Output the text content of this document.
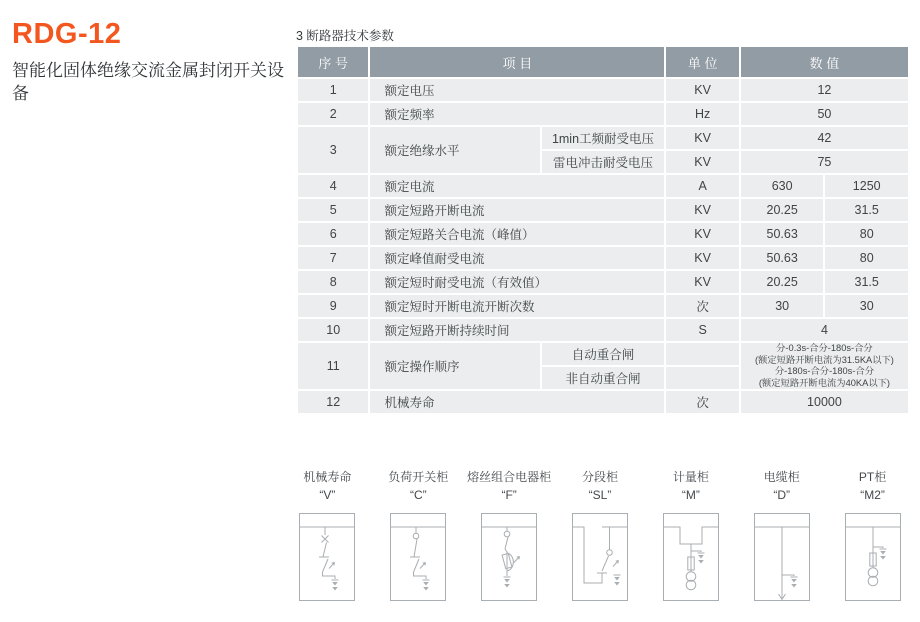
RDG-12
智能化固体绝缘交流金属封闭开关设备
3 断路器技术参数
序 号	项 目		单 位	数 值	
1	额定电压		KV	12	
2	额定频率		Hz	50	
3	额定绝缘水平	1min工频耐受电压	KV	42	
		雷电冲击耐受电压	KV	75	
4	额定电流		A	630	1250
5	额定短路开断电流		KV	20.25	31.5
6	额定短路关合电流（峰值）		KV	50.63	80
7	额定峰值耐受电流		KV	50.63	80
8	额定短时耐受电流（有效值）		KV	20.25	31.5
9	额定短时开断电流开断次数		次	30	30
10	额定短路开断持续时间		S	4	
11	额定操作顺序	自动重合闸		分-0.3s-合分-180s-合分
(额定短路开断电流为31.5KA以下)
分-180s-合分-180s-合分
(额定短路开断电流为40KA以下)	

		非自动重合闸			
12	机械寿命		次	10000	
机械寿命
“V”
负荷开关柜
“C”
熔丝组合电器柜
“F”
分段柜
“SL”
计量柜
“M”
电缆柜
“D”
PT柜
“M2”
